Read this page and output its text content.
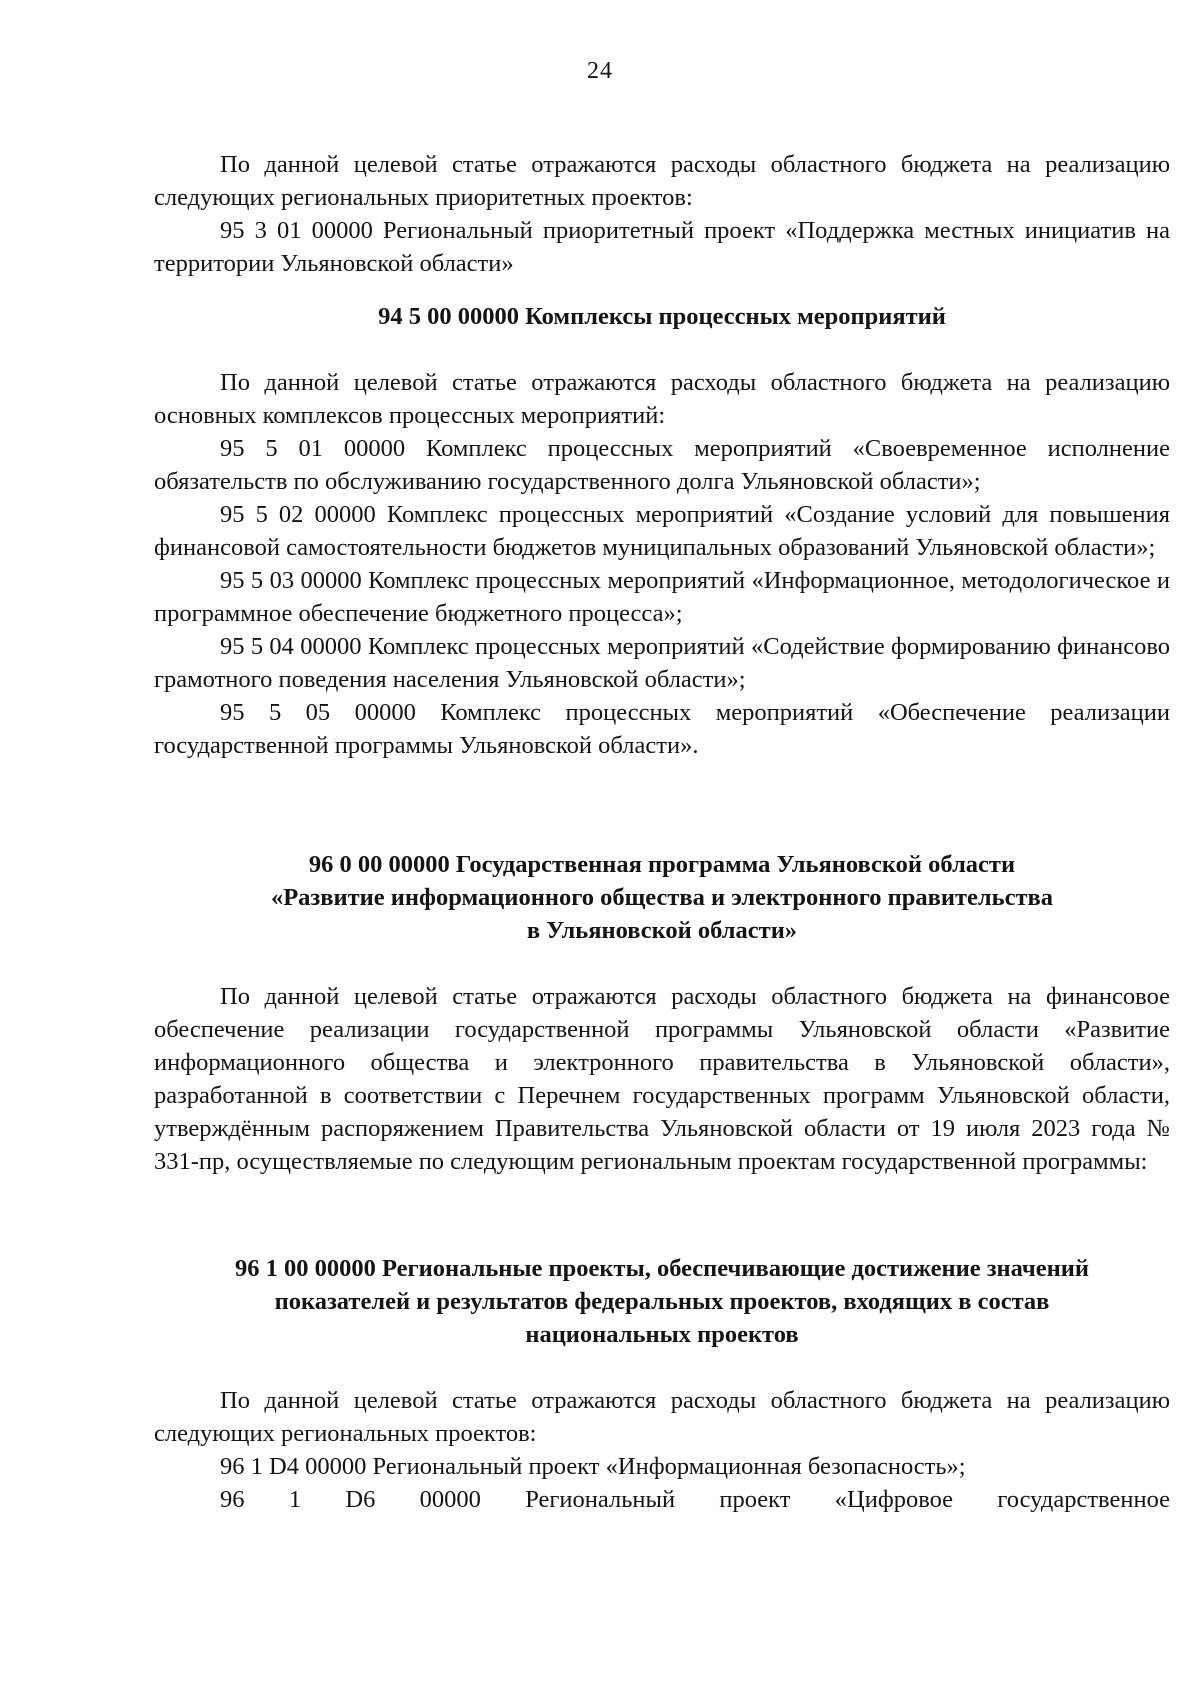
24

По данной целевой статье отражаются расходы областного бюджета на реализацию следующих региональных приоритетных проектов:

95 3 01 00000 Региональный приоритетный проект «Поддержка местных инициатив на территории Ульяновской области»

94 5 00 00000 Комплексы процессных мероприятий

По данной целевой статье отражаются расходы областного бюджета на реализацию основных комплексов процессных мероприятий:

95 5 01 00000 Комплекс процессных мероприятий «Своевременное исполнение обязательств по обслуживанию государственного долга Ульяновской области»;

95 5 02 00000 Комплекс процессных мероприятий «Создание условий для повышения финансовой самостоятельности бюджетов муниципальных образований Ульяновской области»;

95 5 03 00000 Комплекс процессных мероприятий «Информационное, методологическое и программное обеспечение бюджетного процесса»;

95 5 04 00000 Комплекс процессных мероприятий «Содействие формированию финансово грамотного поведения населения Ульяновской области»;

95 5 05 00000 Комплекс процессных мероприятий «Обеспечение реализации государственной программы Ульяновской области».

96 0 00 00000 Государственная программа Ульяновской области
«Развитие информационного общества и электронного правительства
в Ульяновской области»

По данной целевой статье отражаются расходы областного бюджета на финансовое обеспечение реализации государственной программы Ульяновской области «Развитие информационного общества и электронного правительства в Ульяновской области», разработанной в соответствии с Перечнем государственных программ Ульяновской области, утверждённым распоряжением Правительства Ульяновской области от 19 июля 2023 года № 331-пр, осуществляемые по следующим региональным проектам государственной программы:

96 1 00 00000 Региональные проекты, обеспечивающие достижение значений
показателей и результатов федеральных проектов, входящих в состав
национальных проектов

По данной целевой статье отражаются расходы областного бюджета на реализацию следующих региональных проектов:

96 1 D4 00000 Региональный проект «Информационная безопасность»;

96 1 D6 00000 Региональный проект «Цифровое государственное
